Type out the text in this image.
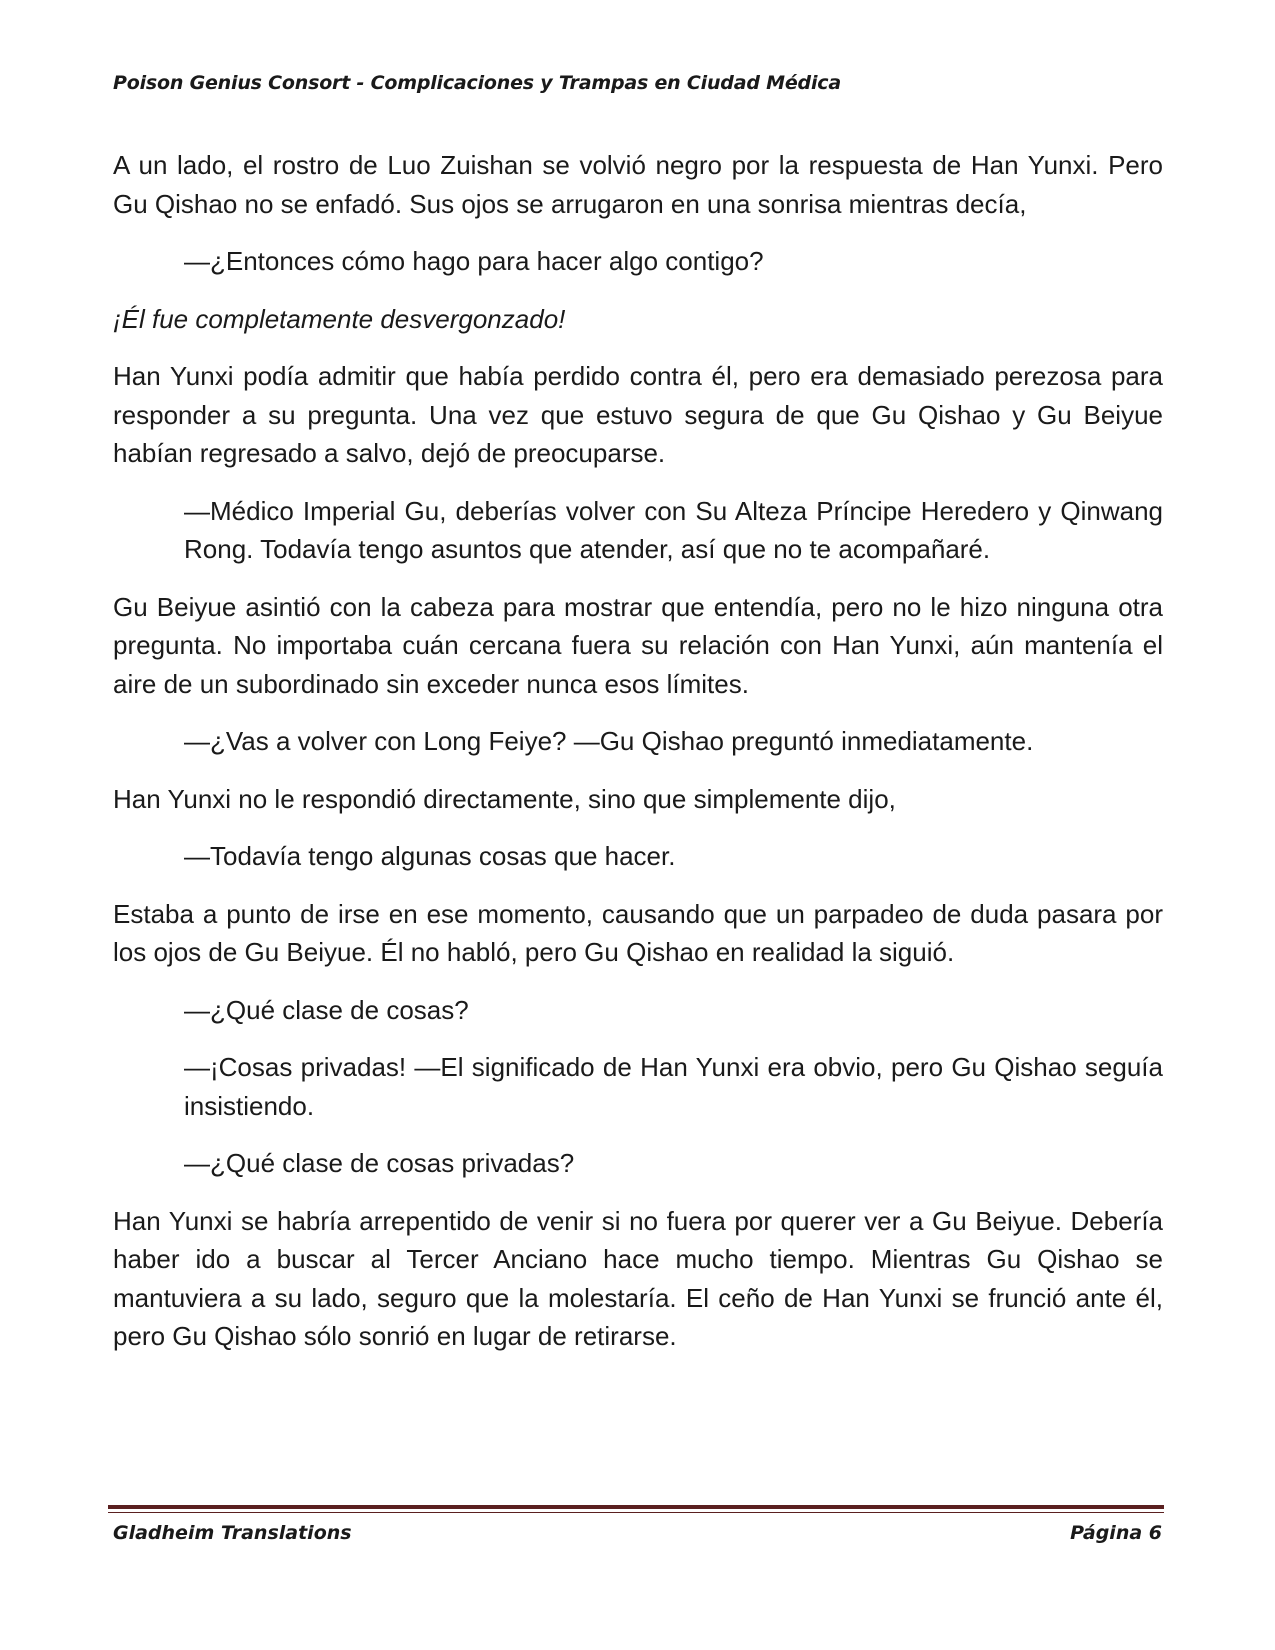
Poison Genius Consort - Complicaciones y Trampas en Ciudad Médica

A un lado, el rostro de Luo Zuishan se volvió negro por la respuesta de Han Yunxi. Pero Gu Qishao no se enfadó. Sus ojos se arrugaron en una sonrisa mientras decía,

—¿Entonces cómo hago para hacer algo contigo?

¡Él fue completamente desvergonzado!

Han Yunxi podía admitir que había perdido contra él, pero era demasiado perezosa para responder a su pregunta. Una vez que estuvo segura de que Gu Qishao y Gu Beiyue habían regresado a salvo, dejó de preocuparse.

—Médico Imperial Gu, deberías volver con Su Alteza Príncipe Heredero y Qinwang Rong. Todavía tengo asuntos que atender, así que no te acompañaré.

Gu Beiyue asintió con la cabeza para mostrar que entendía, pero no le hizo ninguna otra pregunta. No importaba cuán cercana fuera su relación con Han Yunxi, aún mantenía el aire de un subordinado sin exceder nunca esos límites.

—¿Vas a volver con Long Feiye? —Gu Qishao preguntó inmediatamente.

Han Yunxi no le respondió directamente, sino que simplemente dijo,

—Todavía tengo algunas cosas que hacer.

Estaba a punto de irse en ese momento, causando que un parpadeo de duda pasara por los ojos de Gu Beiyue. Él no habló, pero Gu Qishao en realidad la siguió.

—¿Qué clase de cosas?

—¡Cosas privadas! —El significado de Han Yunxi era obvio, pero Gu Qishao seguía insistiendo.

—¿Qué clase de cosas privadas?

Han Yunxi se habría arrepentido de venir si no fuera por querer ver a Gu Beiyue. Debería haber ido a buscar al Tercer Anciano hace mucho tiempo. Mientras Gu Qishao se mantuviera a su lado, seguro que la molestaría. El ceño de Han Yunxi se frunció ante él, pero Gu Qishao sólo sonrió en lugar de retirarse.

Gladheim Translations	Página 6
